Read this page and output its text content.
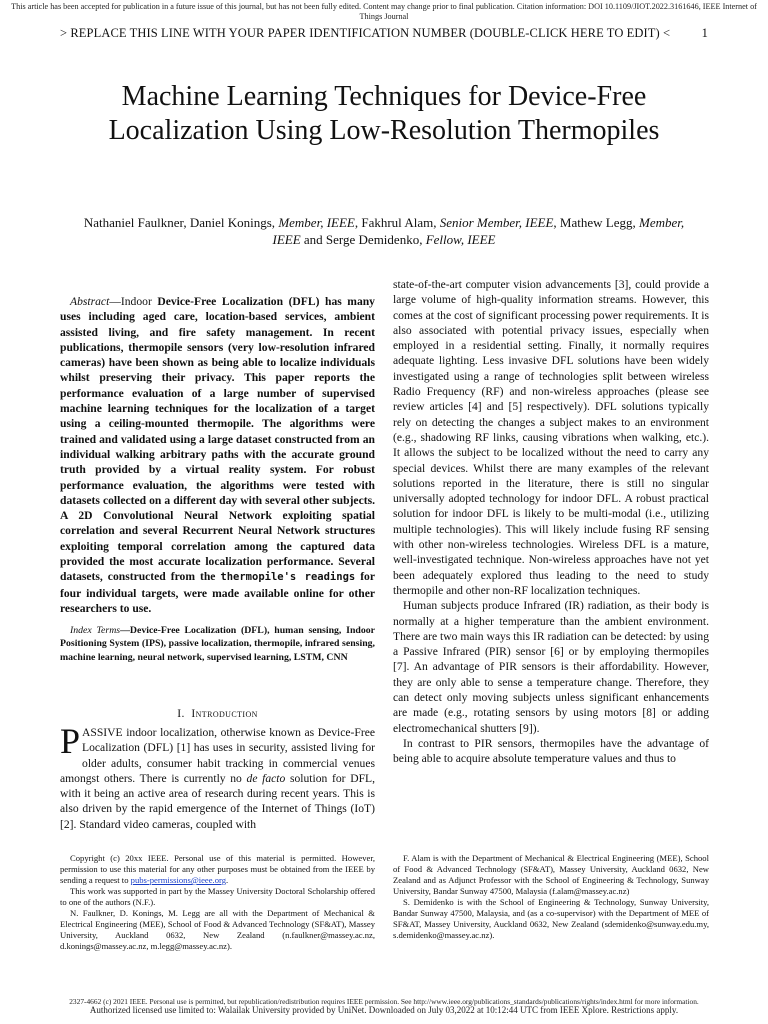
This article has been accepted for publication in a future issue of this journal, but has not been fully edited. Content may change prior to final publication. Citation information: DOI 10.1109/JIOT.2022.3161646, IEEE Internet of Things Journal
> REPLACE THIS LINE WITH YOUR PAPER IDENTIFICATION NUMBER (DOUBLE-CLICK HERE TO EDIT) <	1
Machine Learning Techniques for Device-Free Localization Using Low-Resolution Thermopiles
Nathaniel Faulkner, Daniel Konings, Member, IEEE, Fakhrul Alam, Senior Member, IEEE, Mathew Legg, Member, IEEE and Serge Demidenko, Fellow, IEEE
Abstract—Indoor Device-Free Localization (DFL) has many uses including aged care, location-based services, ambient assisted living, and fire safety management. In recent publications, thermopile sensors (very low-resolution infrared cameras) have been shown as being able to localize individuals whilst preserving their privacy. This paper reports the performance evaluation of a large number of supervised machine learning techniques for the localization of a target using a ceiling-mounted thermopile. The algorithms were trained and validated using a large dataset constructed from an individual walking arbitrary paths with the accurate ground truth provided by a virtual reality system. For robust performance evaluation, the algorithms were tested with datasets collected on a different day with several other subjects. A 2D Convolutional Neural Network exploiting spatial correlation and several Recurrent Neural Network structures exploiting temporal correlation among the captured data provided the most accurate localization performance. Several datasets, constructed from the thermopile's readings for four individual targets, were made available online for other researchers to use.
Index Terms—Device-Free Localization (DFL), human sensing, Indoor Positioning System (IPS), passive localization, thermopile, infrared sensing, machine learning, neural network, supervised learning, LSTM, CNN
I. Introduction
PASSIVE indoor localization, otherwise known as Device-Free Localization (DFL) [1] has uses in security, assisted living for older adults, consumer habit tracking in commercial venues amongst others. There is currently no de facto solution for DFL, with it being an active area of research during recent years. This is also driven by the rapid emergence of the Internet of Things (IoT) [2]. Standard video cameras, coupled with

state-of-the-art computer vision advancements [3], could provide a large volume of high-quality information streams. However, this comes at the cost of significant processing power requirements. It is also associated with potential privacy issues, especially when employed in a residential setting. Finally, it normally requires adequate lighting. Less invasive DFL solutions have been widely investigated using a range of technologies split between wireless Radio Frequency (RF) and non-wireless approaches (please see review articles [4] and [5] respectively). DFL solutions typically rely on detecting the changes a subject makes to an environment (e.g., shadowing RF links, causing vibrations when walking, etc.). It allows the subject to be localized without the need to carry any special devices. Whilst there are many examples of the relevant solutions reported in the literature, there is still no singular universally adopted technology for indoor DFL. A robust practical solution for indoor DFL is likely to be multi-modal (i.e., utilizing multiple technologies). This will likely include fusing RF sensing with other non-wireless technologies. Wireless DFL is a mature, well-investigated technique. Non-wireless approaches have not yet been adequately explored thus leading to the need to study thermopile and other non-RF localization techniques.

Human subjects produce Infrared (IR) radiation, as their body is normally at a higher temperature than the ambient environment. There are two main ways this IR radiation can be detected: by using a Passive Infrared (PIR) sensor [6] or by employing thermopiles [7]. An advantage of PIR sensors is their affordability. However, they are only able to sense a temperature change. Therefore, they can detect only moving subjects unless significant enhancements are made (e.g., rotating sensors by using motors [8] or adding electromechanical shutters [9]).

In contrast to PIR sensors, thermopiles have the advantage of being able to acquire absolute temperature values and thus to

Copyright (c) 20xx IEEE. Personal use of this material is permitted. However, permission to use this material for any other purposes must be obtained from the IEEE by sending a request to pubs-permissions@ieee.org.

This work was supported in part by the Massey University Doctoral Scholarship offered to one of the authors (N.F.).

N. Faulkner, D. Konings, M. Legg are all with the Department of Mechanical & Electrical Engineering (MEE), School of Food & Advanced Technology (SF&AT), Massey University, Auckland 0632, New Zealand (n.faulkner@massey.ac.nz, d.konings@massey.ac.nz, m.legg@massey.ac.nz).

F. Alam is with the Department of Mechanical & Electrical Engineering (MEE), School of Food & Advanced Technology (SF&AT), Massey University, Auckland 0632, New Zealand and as Adjunct Professor with the School of Engineering & Technology, Sunway University, Bandar Sunway 47500, Malaysia (f.alam@massey.ac.nz)

S. Demidenko is with the School of Engineering & Technology, Sunway University, Bandar Sunway 47500, Malaysia, and (as a co-supervisor) with the Department of MEE of SF&AT, Massey University, Auckland 0632, New Zealand (sdemidenko@sunway.edu.my, s.demidenko@massey.ac.nz).

2327-4662 (c) 2021 IEEE. Personal use is permitted, but republication/redistribution requires IEEE permission. See http://www.ieee.org/publications_standards/publications/rights/index.html for more information.
Authorized licensed use limited to: Walailak University provided by UniNet. Downloaded on July 03,2022 at 10:12:44 UTC from IEEE Xplore. Restrictions apply.
